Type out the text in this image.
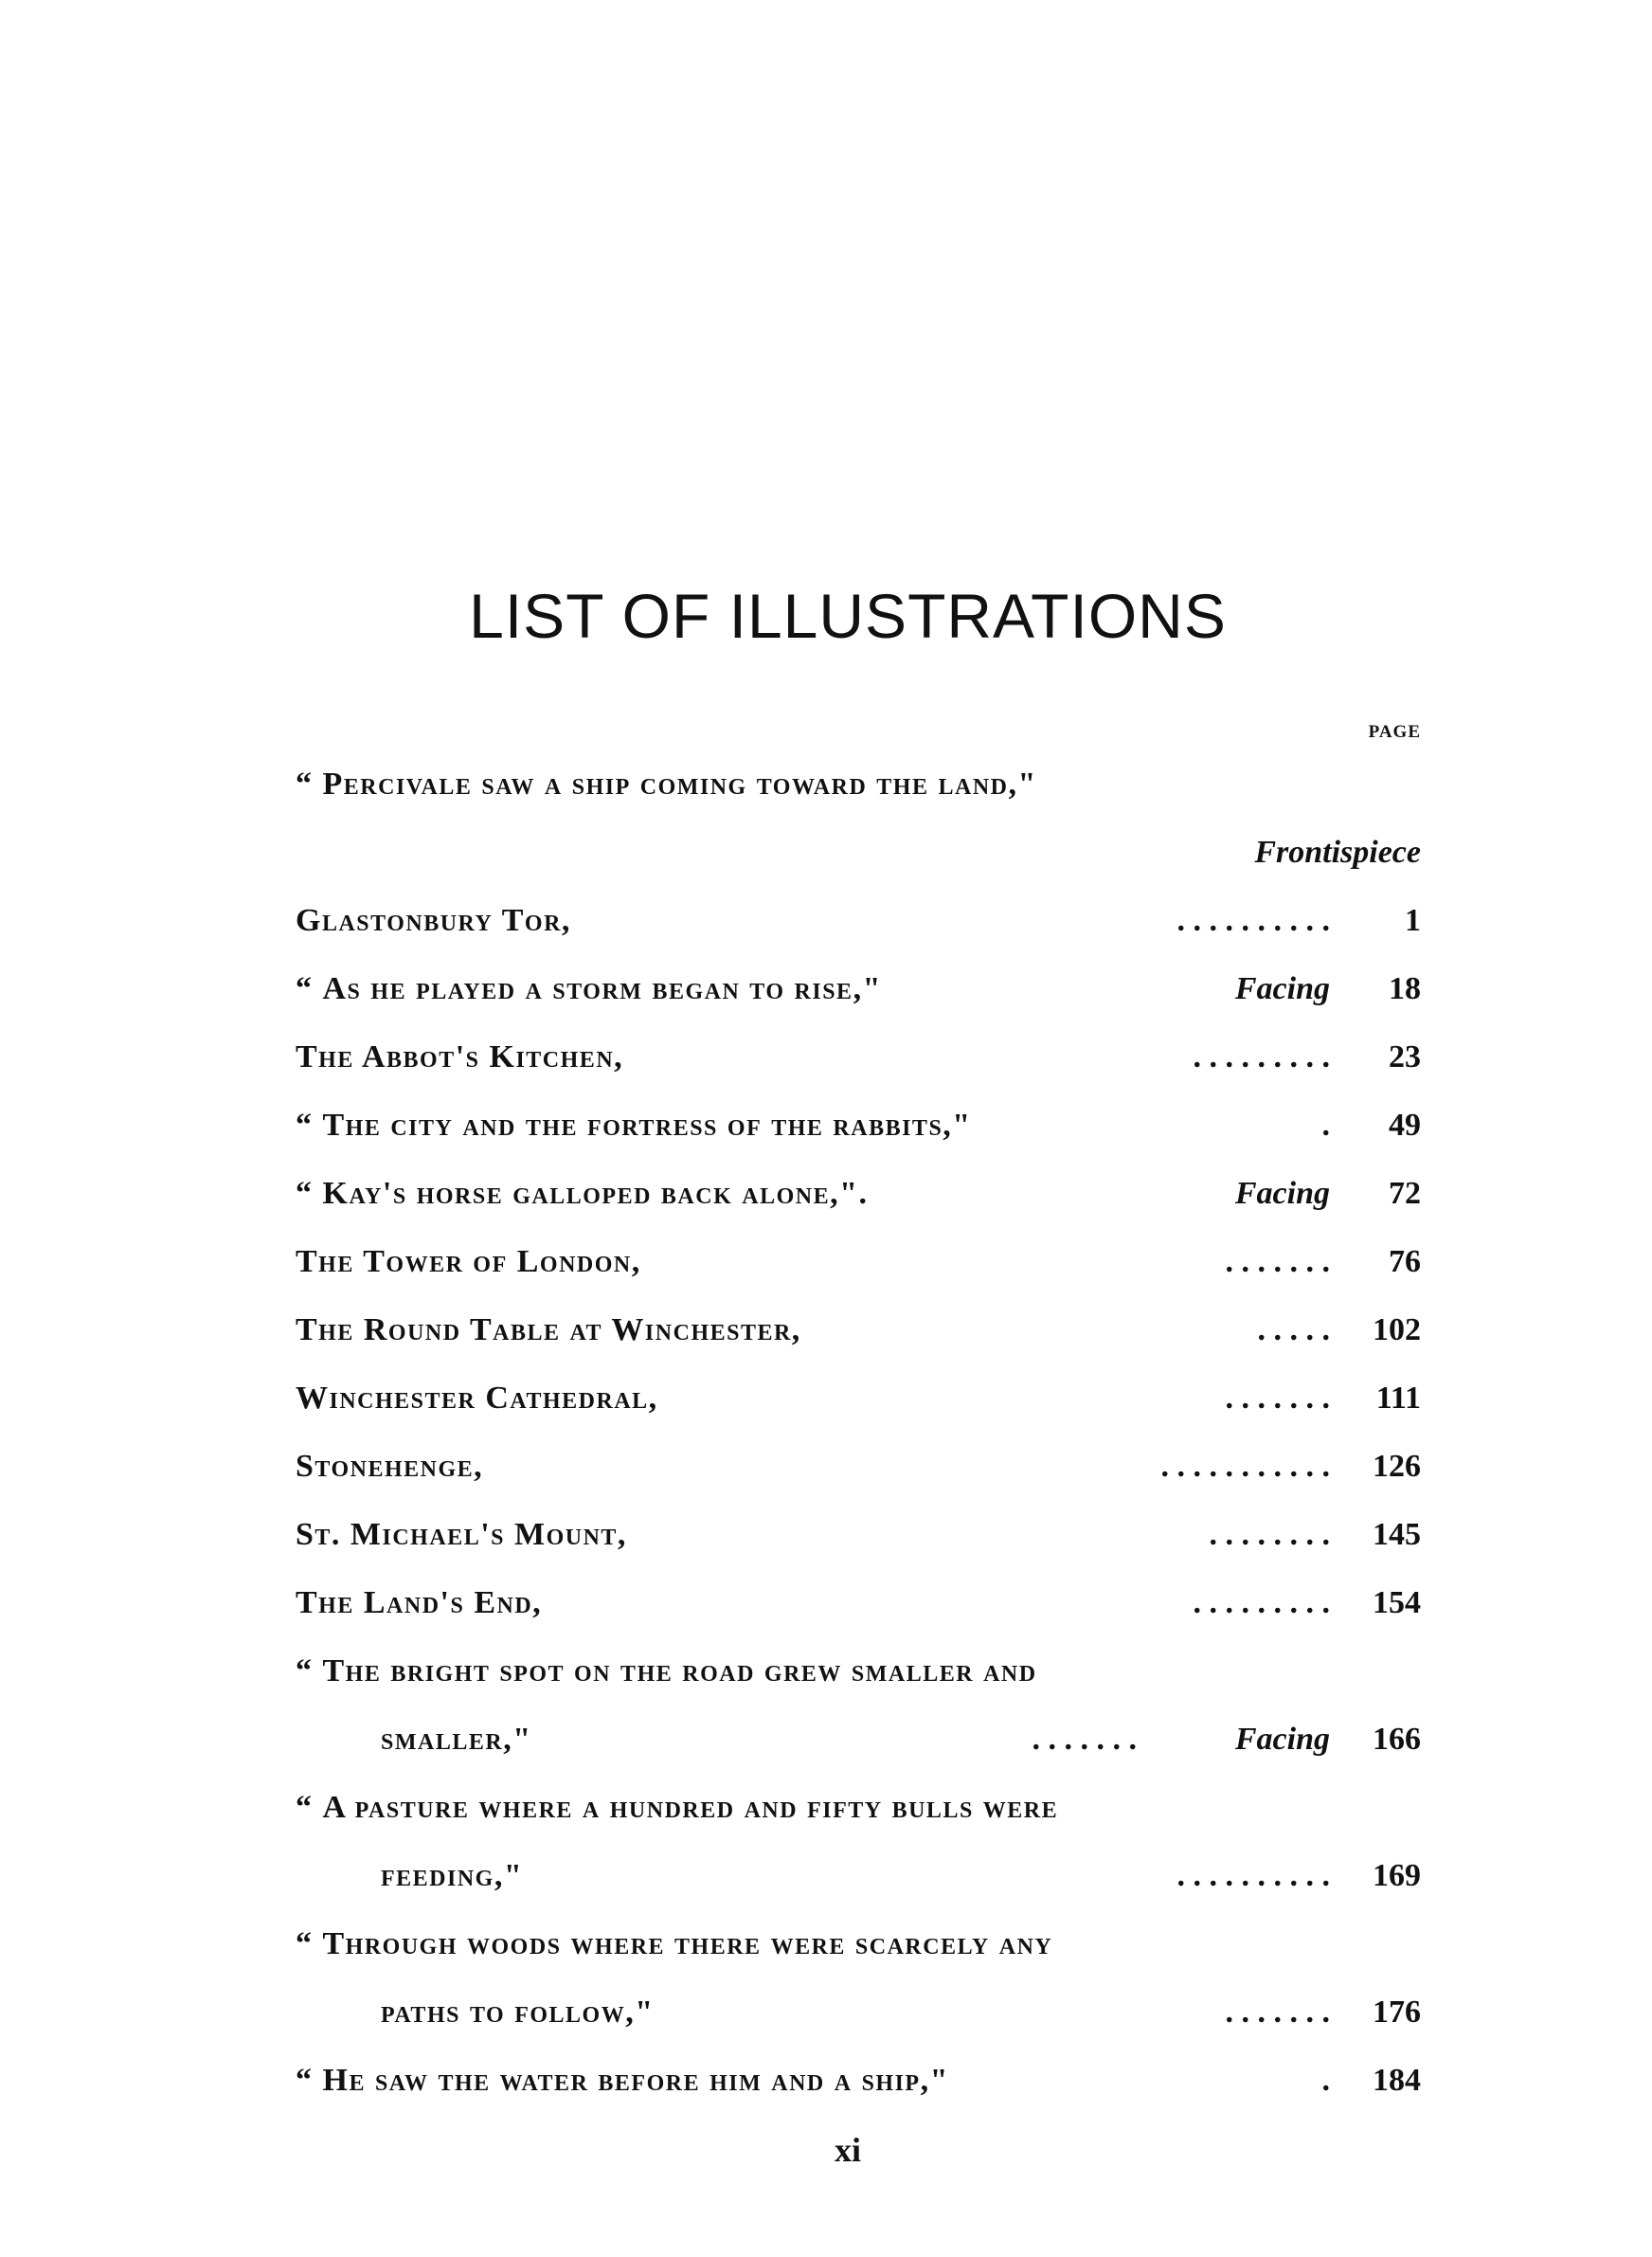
LIST OF ILLUSTRATIONS
PAGE
“ Percivale saw a ship coming toward the land,"
Frontispiece
Glastonbury Tor,	. . . . . . . . . . 1
“ As he played a storm began to rise,"	Facing 18
The Abbot's Kitchen,	. . . . . . . . . 23
“ The city and the fortress of the rabbits,"	. 49
“ Kay's horse galloped back alone,".	Facing 72
The Tower of London,	. . . . . . . 76
The Round Table at Winchester,	. . . . . 102
Winchester Cathedral,	. . . . . . . 111
Stonehenge,	. . . . . . . . . . . 126
St. Michael's Mount,	. . . . . . . . 145
The Land's End,	. . . . . . . . . 154
“ The bright spot on the road grew smaller and
smaller,"	. . . . . . .	Facing 166
“ A pasture where a hundred and fifty bulls were
feeding,"	. . . . . . . . . . 169
“ Through woods where there were scarcely any
paths to follow,"	. . . . . . . 176
“ He saw the water before him and a ship,"	. 184
xi
